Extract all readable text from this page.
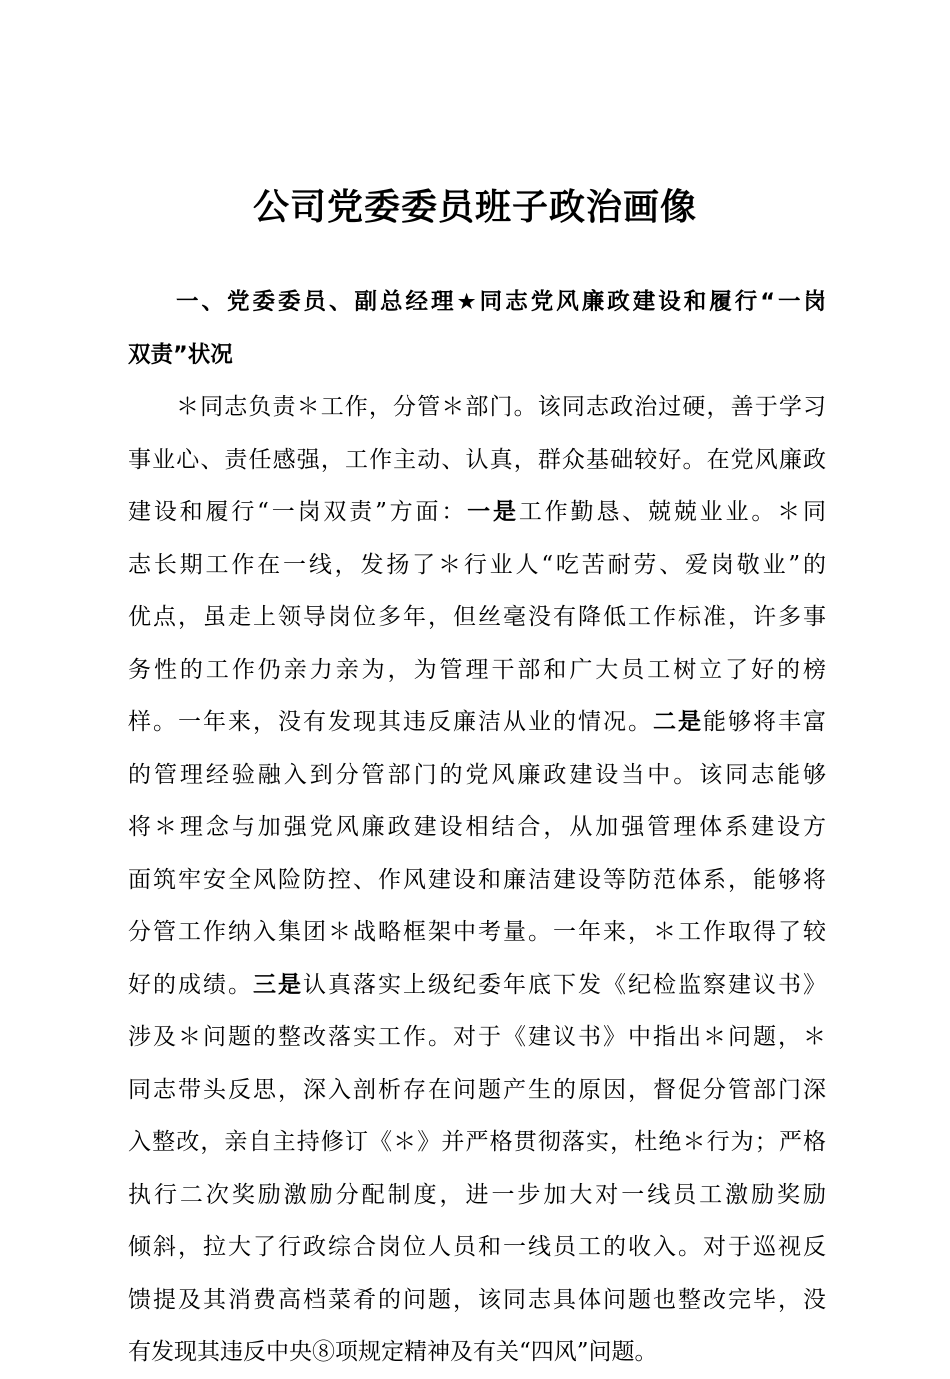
公司党委委员班子政治画像
一、党委委员、副总经理★同志党风廉政建设和履行“一岗
双责”状况
＊同志负责＊工作，分管＊部门。该同志政治过硬，善于学习
事业心、责任感强，工作主动、认真，群众基础较好。在党风廉政
建设和履行“一岗双责”方面：一是工作勤恳、兢兢业业。＊同
志长期工作在一线，发扬了＊行业人“吃苦耐劳、爱岗敬业”的
优点，虽走上领导岗位多年，但丝毫没有降低工作标准，许多事
务性的工作仍亲力亲为，为管理干部和广大员工树立了好的榜
样。一年来，没有发现其违反廉洁从业的情况。二是能够将丰富
的管理经验融入到分管部门的党风廉政建设当中。该同志能够
将＊理念与加强党风廉政建设相结合，从加强管理体系建设方
面筑牢安全风险防控、作风建设和廉洁建设等防范体系，能够将
分管工作纳入集团＊战略框架中考量。一年来，＊工作取得了较
好的成绩。三是认真落实上级纪委年底下发《纪检监察建议书》
涉及＊问题的整改落实工作。对于《建议书》中指出＊问题，＊
同志带头反思，深入剖析存在问题产生的原因，督促分管部门深
入整改，亲自主持修订《＊》并严格贯彻落实，杜绝＊行为；严格
执行二次奖励激励分配制度，进一步加大对一线员工激励奖励
倾斜，拉大了行政综合岗位人员和一线员工的收入。对于巡视反
馈提及其消费高档菜肴的问题，该同志具体问题也整改完毕，没
有发现其违反中央⑧项规定精神及有关“四风”问题。
